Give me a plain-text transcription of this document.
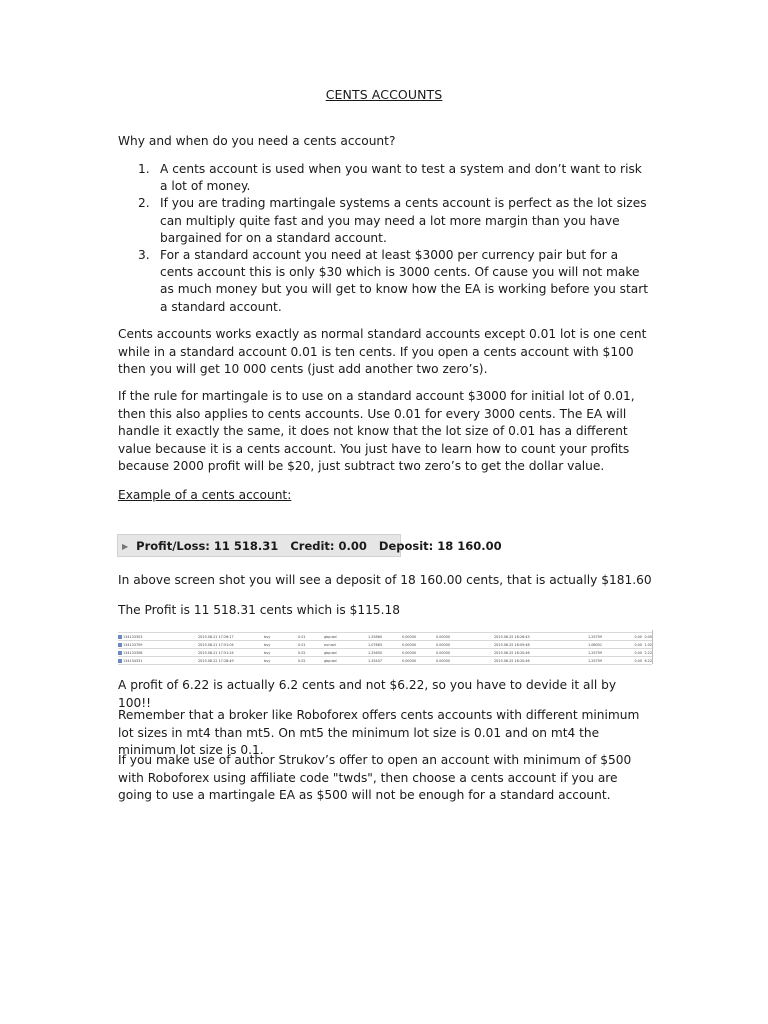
CENTS ACCOUNTS
Why and when do you need a cents account?
1. A cents account is used when you want to test a system and don’t want to risk a lot of money.
2. If you are trading martingale systems a cents account is perfect as the lot sizes can multiply quite fast and you may need a lot more margin than you have bargained for on a standard account.
3. For a standard account you need at least $3000 per currency pair but for a cents account this is only $30 which is 3000 cents. Of cause you will not make as much money but you will get to know how the EA is working before you start a standard account.
Cents accounts works exactly as normal standard accounts except 0.01 lot is one cent while in a standard account 0.01 is ten cents. If you open a cents account with $100 then you will get 10 000 cents (just add another two zero’s).
If the rule for martingale is to use on a standard account $3000 for initial lot of 0.01, then this also applies to cents accounts. Use 0.01 for every 3000 cents. The EA will handle it exactly the same, it does not know that the lot size of 0.01 has a different value because it is a cents account. You just have to learn how to count your profits because 2000 profit will be $20, just subtract two zero’s to get the dollar value.
Example of a cents account:
▶ Profit/Loss: 11 518.31 Credit: 0.00 Deposit: 18 160.00
In above screen shot you will see a deposit of 18 160.00 cents, that is actually $181.60
The Profit is 11 518.31 cents which is $115.18
134133303	2023.08.21 17:26:17	buy	0.01	gbpusd	1.25860	0.00000	0.00000	2023.08.25 18:26:43	1.25799	0.00	0.00
134133709	2023.08.21 17:51:04	buy	0.01	eurusd	1.07663	0.00000	0.00000	2023.08.25 18:09:48	1.08001	0.00	1.02
134133308	2023.08.21 17:51:24	buy	0.02	gbpusd	1.25650	0.00000	0.00000	2023.08.25 18:20:46	1.25799	0.00	2.22
134134331	2023.08.22 17:28:49	buy	0.02	gbpusd	1.25407	0.00000	0.00000	2023.08.25 18:20:46	1.25799	0.00	6.22
A profit of 6.22 is actually 6.2 cents and not $6.22, so you have to devide it all by 100!!
Remember that a broker like Roboforex offers cents accounts with different minimum lot sizes in mt4 than mt5. On mt5 the minimum lot size is 0.01 and on mt4 the minimum lot size is 0.1.
If you make use of author Strukov’s offer to open an account with minimum of $500 with Roboforex using affiliate code "twds", then choose a cents account if you are going to use a martingale EA as $500 will not be enough for a standard account.
